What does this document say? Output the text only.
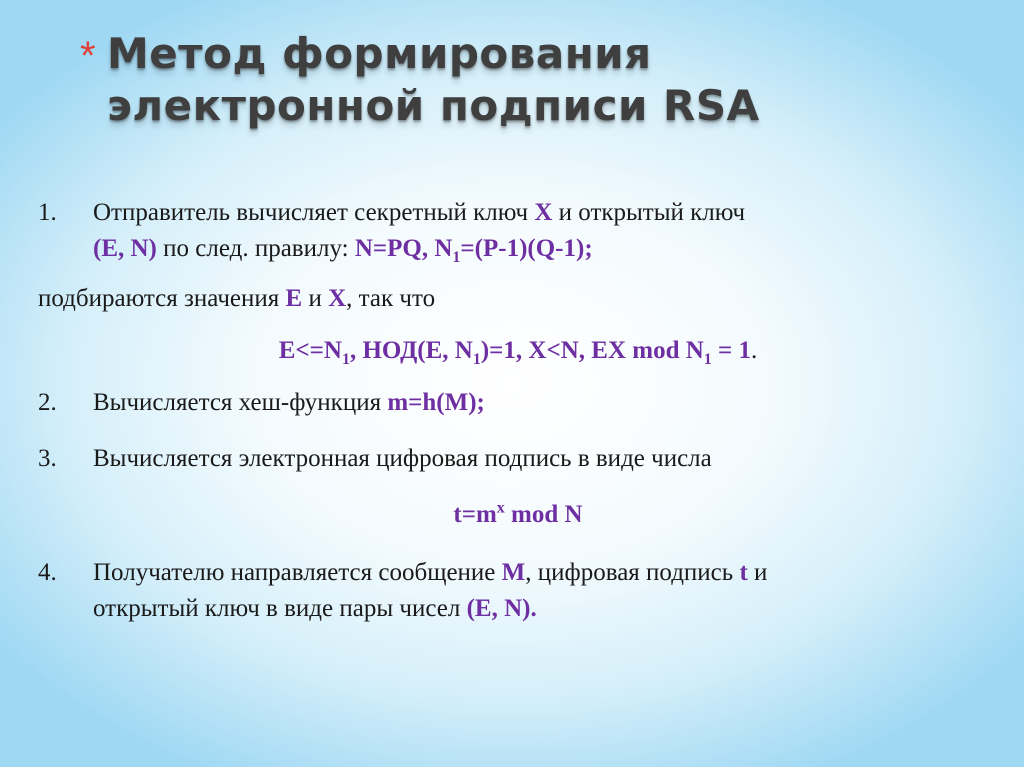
* Метод формирования
электронной подписи RSA
1.	Отправитель вычисляет секретный ключ X и открытый ключ
(E, N) по след. правилу: N=PQ, $N_1=(P-1)(Q-1)$;
подбираются значения E и X, так что
$E<=N_1$, НОД(E, $N_1)=1$, X<N, EX mod $N_1 = 1$.
2.	Вычисляется хеш-функция m=h(M);
3.	Вычисляется электронная цифровая подпись в виде числа
$t=m^x$ mod N
4.	Получателю направляется сообщение M, цифровая подпись t и
открытый ключ в виде пары чисел (E, N).
